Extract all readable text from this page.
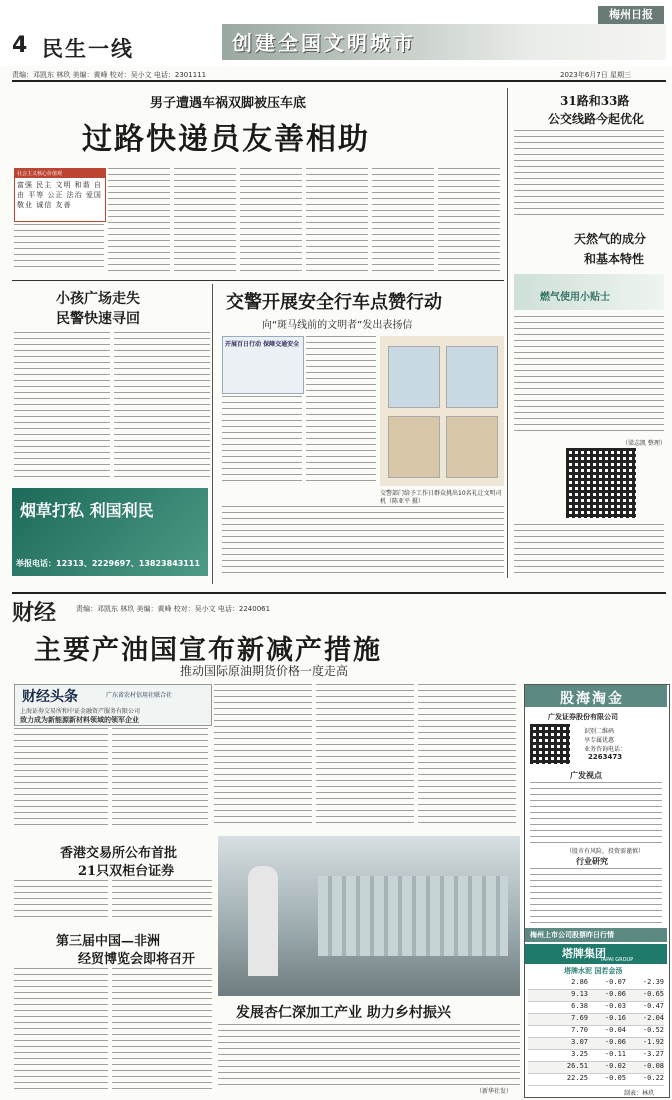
4 民生一线	创建全国文明城市
梅州日报
责编：邓凯东 林玖 美编：黄峰 校对：吴小文 电话：2301111	2023年6月7日 星期三
男子遭遇车祸双脚被压车底
过路快递员友善相助
社会主义核心价值观
富强 民主 文明 和谐 自由 平等 公正 法治 爱国 敬业 诚信 友善
31路和33路
公交线路今起优化
天然气的成分
和基本特性
燃气使用小贴士
（梁志凯 整理）
小孩广场走失
民警快速寻回
交警开展安全行车点赞行动
向“斑马线前的文明者”发出表扬信
开展百日行动 保障交通安全
交警部门给予工作日群众挑出10名礼让文明司机（陈亚平 摄）
烟草打私 利国利民
举报电话：12313、2229697、13823843111
财经	责编：邓凯东 林玖 美编：黄峰 校对：吴小文 电话：2240061
主要产油国宣布新减产措施
推动国际原油期货价格一度走高
财经头条	广东省农村信用社联合社
上海证券交易所和中证金融资产服务有限公司
致力成为新能源新材料领域的领军企业
香港交易所公布首批
21只双柜台证券
第三届中国—非洲
经贸博览会即将召开
发展杏仁深加工产业 助力乡村振兴
（新华社发）
股海淘金
广发证券股份有限公司
识别二维码
享专属优惠
业务咨询电话：
2263473
广发视点
（股市有风险，投资需谨慎）
行业研究
梅州上市公司股票昨日行情
塔牌集团
TAPAI GROUP
塔牌水泥 国若金汤
2.86	-0.07	-2.39
9.13	-0.06	-0.65
6.38	-0.03	-0.47
7.69	-0.16	-2.04
7.70	-0.04	-0.52
3.07	-0.06	-1.92
3.25	-0.11	-3.27
26.51	-0.02	-0.08
22.25	-0.05	-0.22
制表：林玖
